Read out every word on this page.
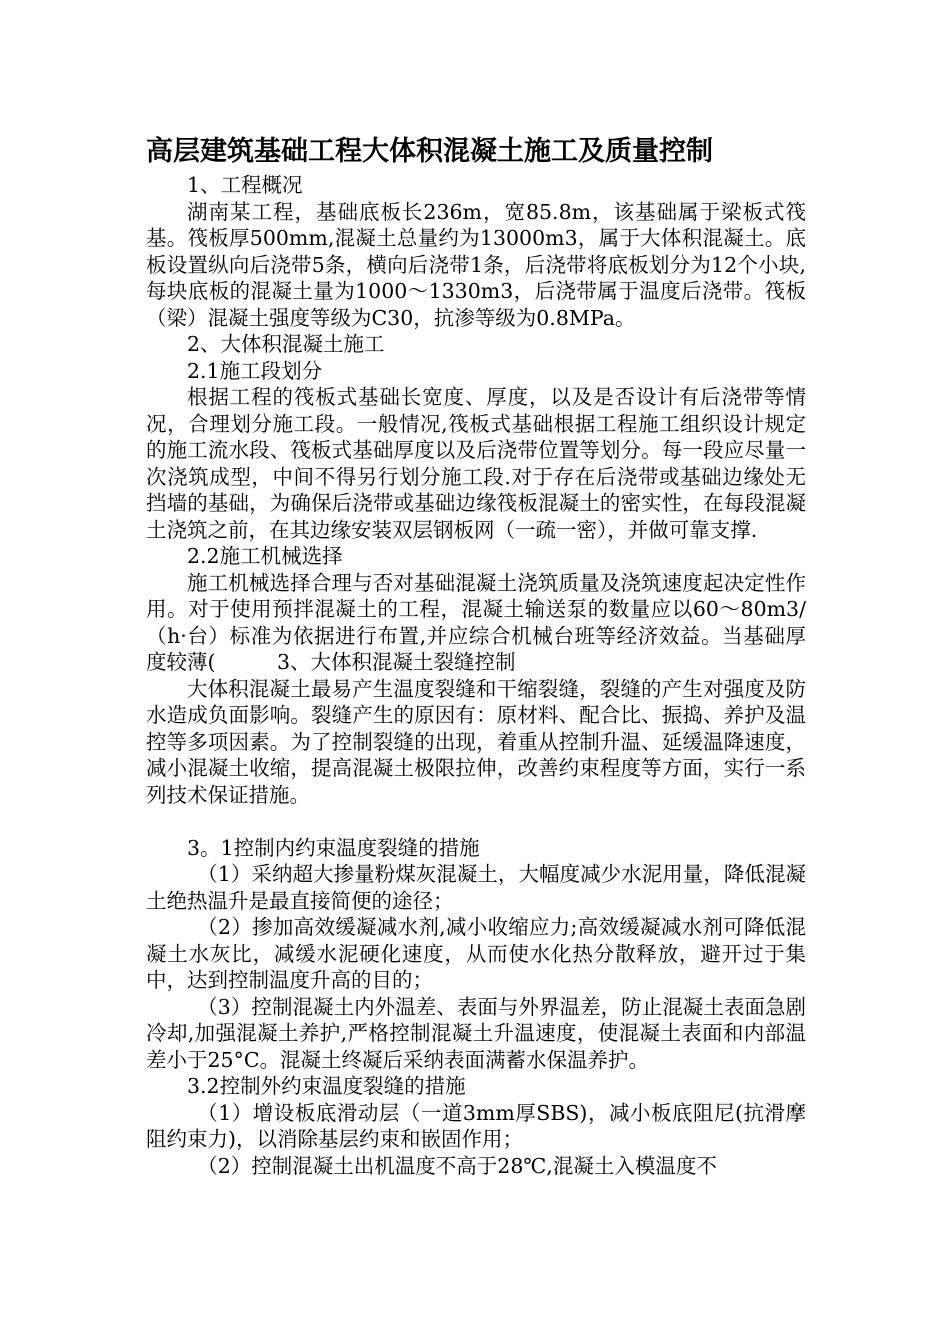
高层建筑基础工程大体积混凝土施工及质量控制

1、工程概况

湖南某工程，基础底板长236m，宽85.8m，该基础属于梁板式筏基。筏板厚500mm,混凝土总量约为13000m3，属于大体积混凝土。底板设置纵向后浇带5条，横向后浇带1条，后浇带将底板划分为12个小块,每块底板的混凝土量为1000～1330m3，后浇带属于温度后浇带。筏板（梁）混凝土强度等级为C30，抗渗等级为0.8MPa。

2、大体积混凝土施工

2.1施工段划分

根据工程的筏板式基础长宽度、厚度，以及是否设计有后浇带等情况，合理划分施工段。一般情况,筏板式基础根据工程施工组织设计规定的施工流水段、筏板式基础厚度以及后浇带位置等划分。每一段应尽量一次浇筑成型，中间不得另行划分施工段.对于存在后浇带或基础边缘处无挡墙的基础，为确保后浇带或基础边缘筏板混凝土的密实性，在每段混凝土浇筑之前，在其边缘安装双层钢板网（一疏一密），并做可靠支撑.

2.2施工机械选择

施工机械选择合理与否对基础混凝土浇筑质量及浇筑速度起决定性作用。对于使用预拌混凝土的工程，混凝土输送泵的数量应以60～80m3/（h·台）标准为依据进行布置,并应综合机械台班等经济效益。当基础厚度较薄(　　　3、大体积混凝土裂缝控制

大体积混凝土最易产生温度裂缝和干缩裂缝，裂缝的产生对强度及防水造成负面影响。裂缝产生的原因有：原材料、配合比、振捣、养护及温控等多项因素。为了控制裂缝的出现，着重从控制升温、延缓温降速度，减小混凝土收缩，提高混凝土极限拉伸，改善约束程度等方面，实行一系列技术保证措施。

3。1控制内约束温度裂缝的措施

（1）采纳超大掺量粉煤灰混凝土，大幅度减少水泥用量，降低混凝土绝热温升是最直接简便的途径；

（2）掺加高效缓凝减水剂,减小收缩应力;高效缓凝减水剂可降低混凝土水灰比，减缓水泥硬化速度，从而使水化热分散释放，避开过于集中，达到控制温度升高的目的；

（3）控制混凝土内外温差、表面与外界温差，防止混凝土表面急剧冷却,加强混凝土养护,严格控制混凝土升温速度，使混凝土表面和内部温差小于25°C。混凝土终凝后采纳表面满蓄水保温养护。

3.2控制外约束温度裂缝的措施

（1）增设板底滑动层（一道3mm厚SBS)，减小板底阻尼(抗滑摩阻约束力)，以消除基层约束和嵌固作用；

（2）控制混凝土出机温度不高于28℃,混凝土入模温度不
